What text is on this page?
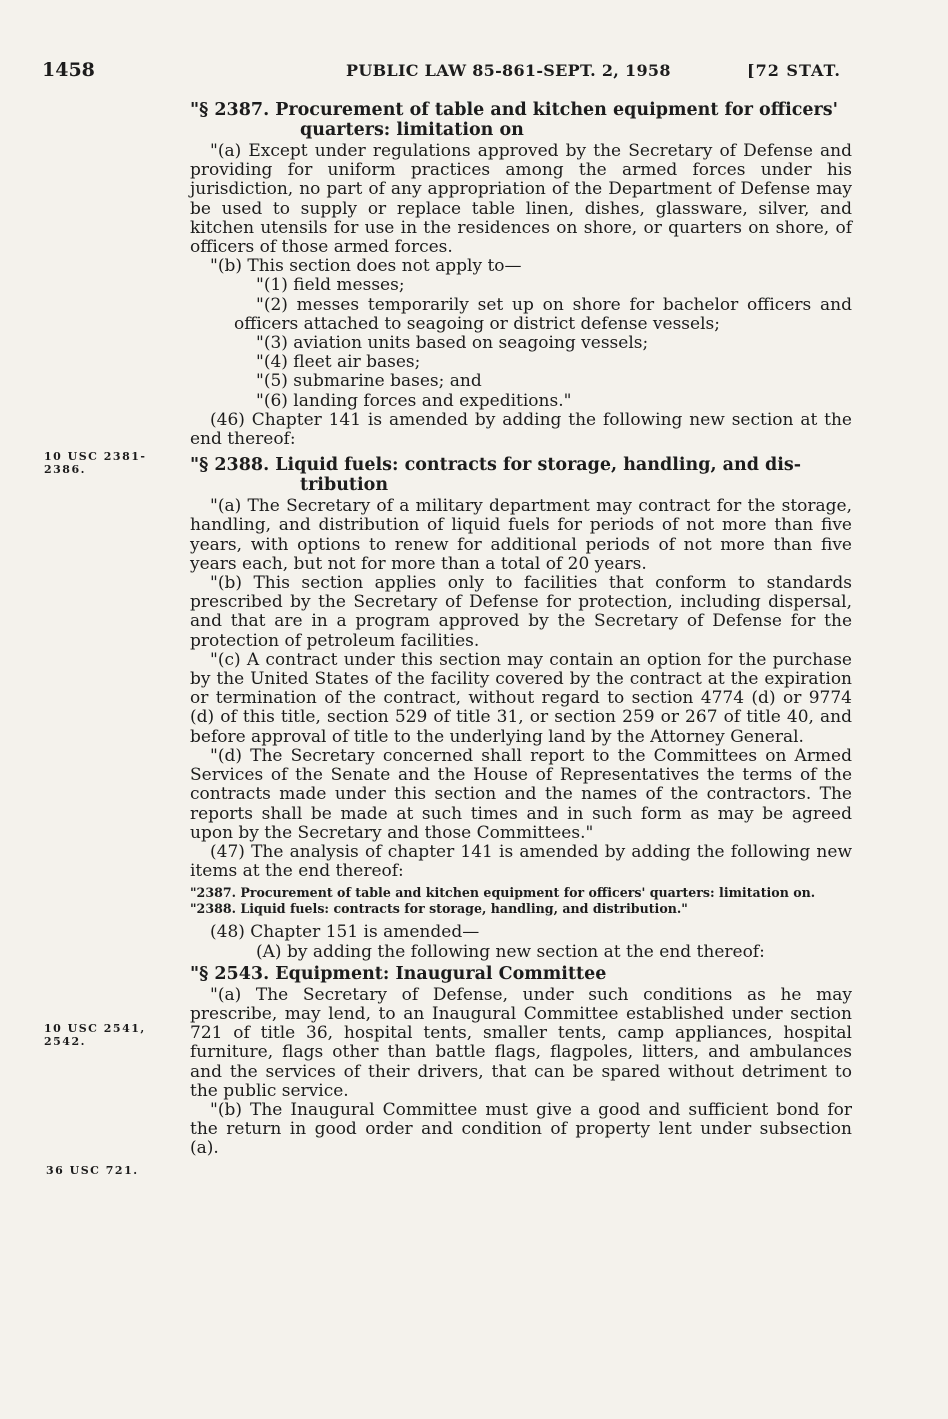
1458	PUBLIC LAW 85-861-SEPT. 2, 1958	[72 STAT.
10 USC 2381-
2386.
10 USC 2541,
2542.
36 USC 721.
"§ 2387. Procurement of table and kitchen equipment for officers'
quarters: limitation on

"(a) Except under regulations approved by the Secretary of Defense and providing for uniform practices among the armed forces under his jurisdiction, no part of any appropriation of the Department of Defense may be used to supply or replace table linen, dishes, glassware, silver, and kitchen utensils for use in the residences on shore, or quarters on shore, of officers of those armed forces.

"(b) This section does not apply to—

"(1) field messes;

"(2) messes temporarily set up on shore for bachelor officers and officers attached to seagoing or district defense vessels;

"(3) aviation units based on seagoing vessels;

"(4) fleet air bases;

"(5) submarine bases; and

"(6) landing forces and expeditions."

(46) Chapter 141 is amended by adding the following new section at the end thereof:

"§ 2388. Liquid fuels: contracts for storage, handling, and dis-
tribution

"(a) The Secretary of a military department may contract for the storage, handling, and distribution of liquid fuels for periods of not more than five years, with options to renew for additional periods of not more than five years each, but not for more than a total of 20 years.

"(b) This section applies only to facilities that conform to standards prescribed by the Secretary of Defense for protection, including dispersal, and that are in a program approved by the Secretary of Defense for the protection of petroleum facilities.

"(c) A contract under this section may contain an option for the purchase by the United States of the facility covered by the contract at the expiration or termination of the contract, without regard to section 4774 (d) or 9774 (d) of this title, section 529 of title 31, or section 259 or 267 of title 40, and before approval of title to the underlying land by the Attorney General.

"(d) The Secretary concerned shall report to the Committees on Armed Services of the Senate and the House of Representatives the terms of the contracts made under this section and the names of the contractors. The reports shall be made at such times and in such form as may be agreed upon by the Secretary and those Committees."

(47) The analysis of chapter 141 is amended by adding the following new items at the end thereof:

"2387. Procurement of table and kitchen equipment for officers' quarters: limitation on.
"2388. Liquid fuels: contracts for storage, handling, and distribution."

(48) Chapter 151 is amended—

(A) by adding the following new section at the end thereof:

"§ 2543. Equipment: Inaugural Committee

"(a) The Secretary of Defense, under such conditions as he may prescribe, may lend, to an Inaugural Committee established under section 721 of title 36, hospital tents, smaller tents, camp appliances, hospital furniture, flags other than battle flags, flagpoles, litters, and ambulances and the services of their drivers, that can be spared without detriment to the public service.

"(b) The Inaugural Committee must give a good and sufficient bond for the return in good order and condition of property lent under subsection (a).
